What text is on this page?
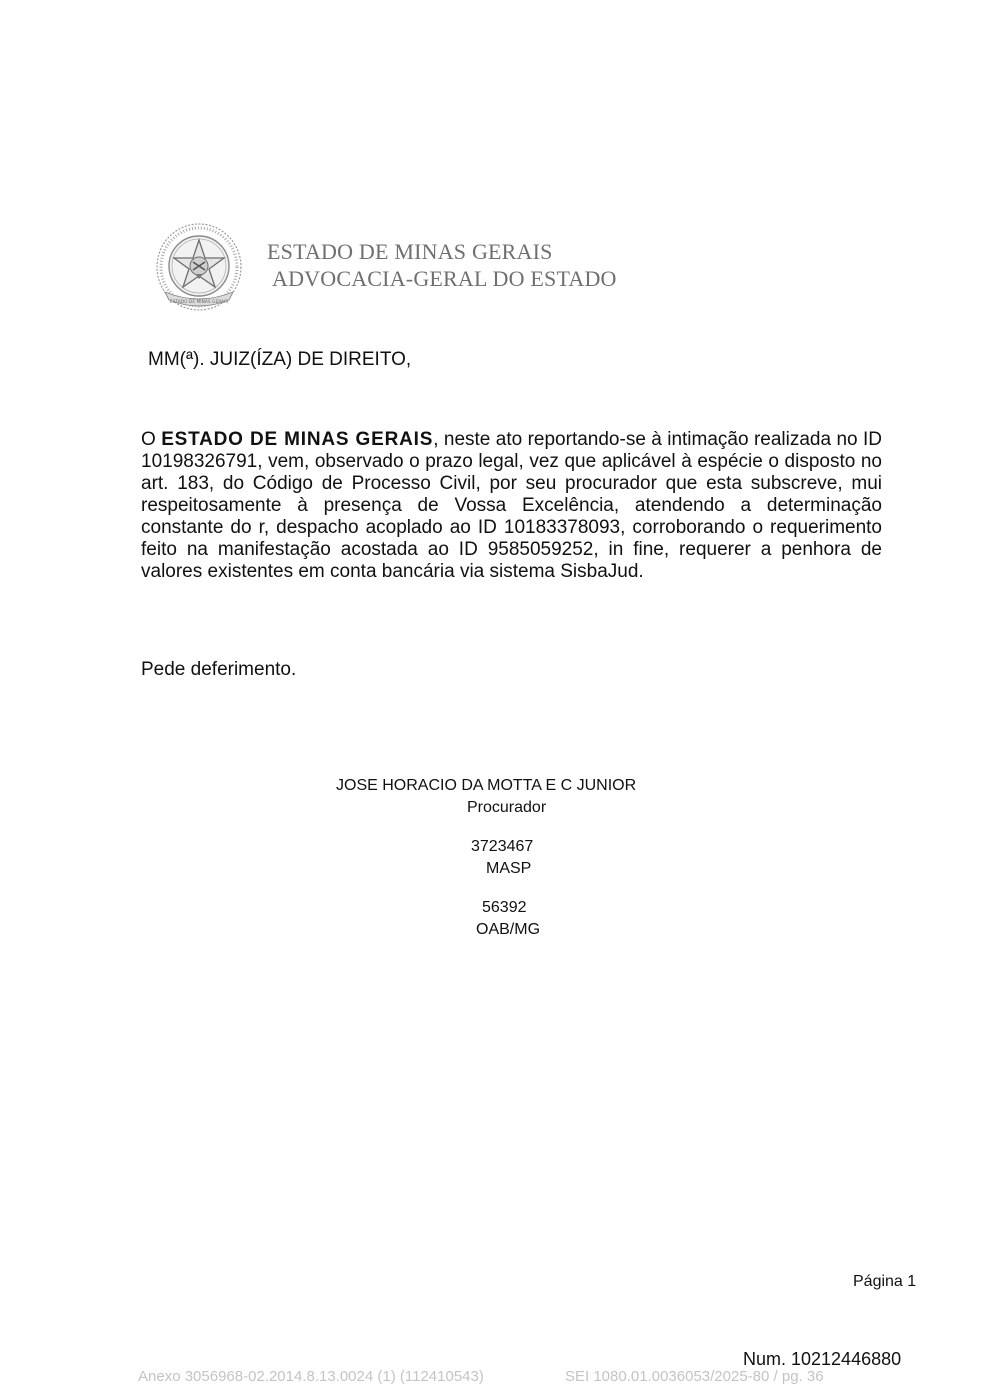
ESTADO DE MINAS GERAIS
ESTADO DE MINAS GERAIS
ADVOCACIA-GERAL DO ESTADO
MM(ª). JUIZ(ÍZA) DE DIREITO,
O ESTADO DE MINAS GERAIS, neste ato reportando-se à intimação realizada no ID 10198326791, vem, observado o prazo legal, vez que aplicável à espécie o disposto no art. 183, do Código de Processo Civil, por seu procurador que esta subscreve, mui respeitosamente à presença de Vossa Excelência, atendendo a determinação constante do r, despacho acoplado ao ID 10183378093, corroborando o requerimento feito na manifestação acostada ao ID 9585059252, in fine, requerer a penhora de valores existentes em conta bancária via sistema SisbaJud.
Pede deferimento.
JOSE HORACIO DA MOTTA E C JUNIOR
Procurador
3723467
MASP
56392
OAB/MG
Página 1
Num. 10212446880
Anexo 3056968-02.2014.8.13.0024 (1) (112410543)	SEI 1080.01.0036053/2025-80 / pg. 36
